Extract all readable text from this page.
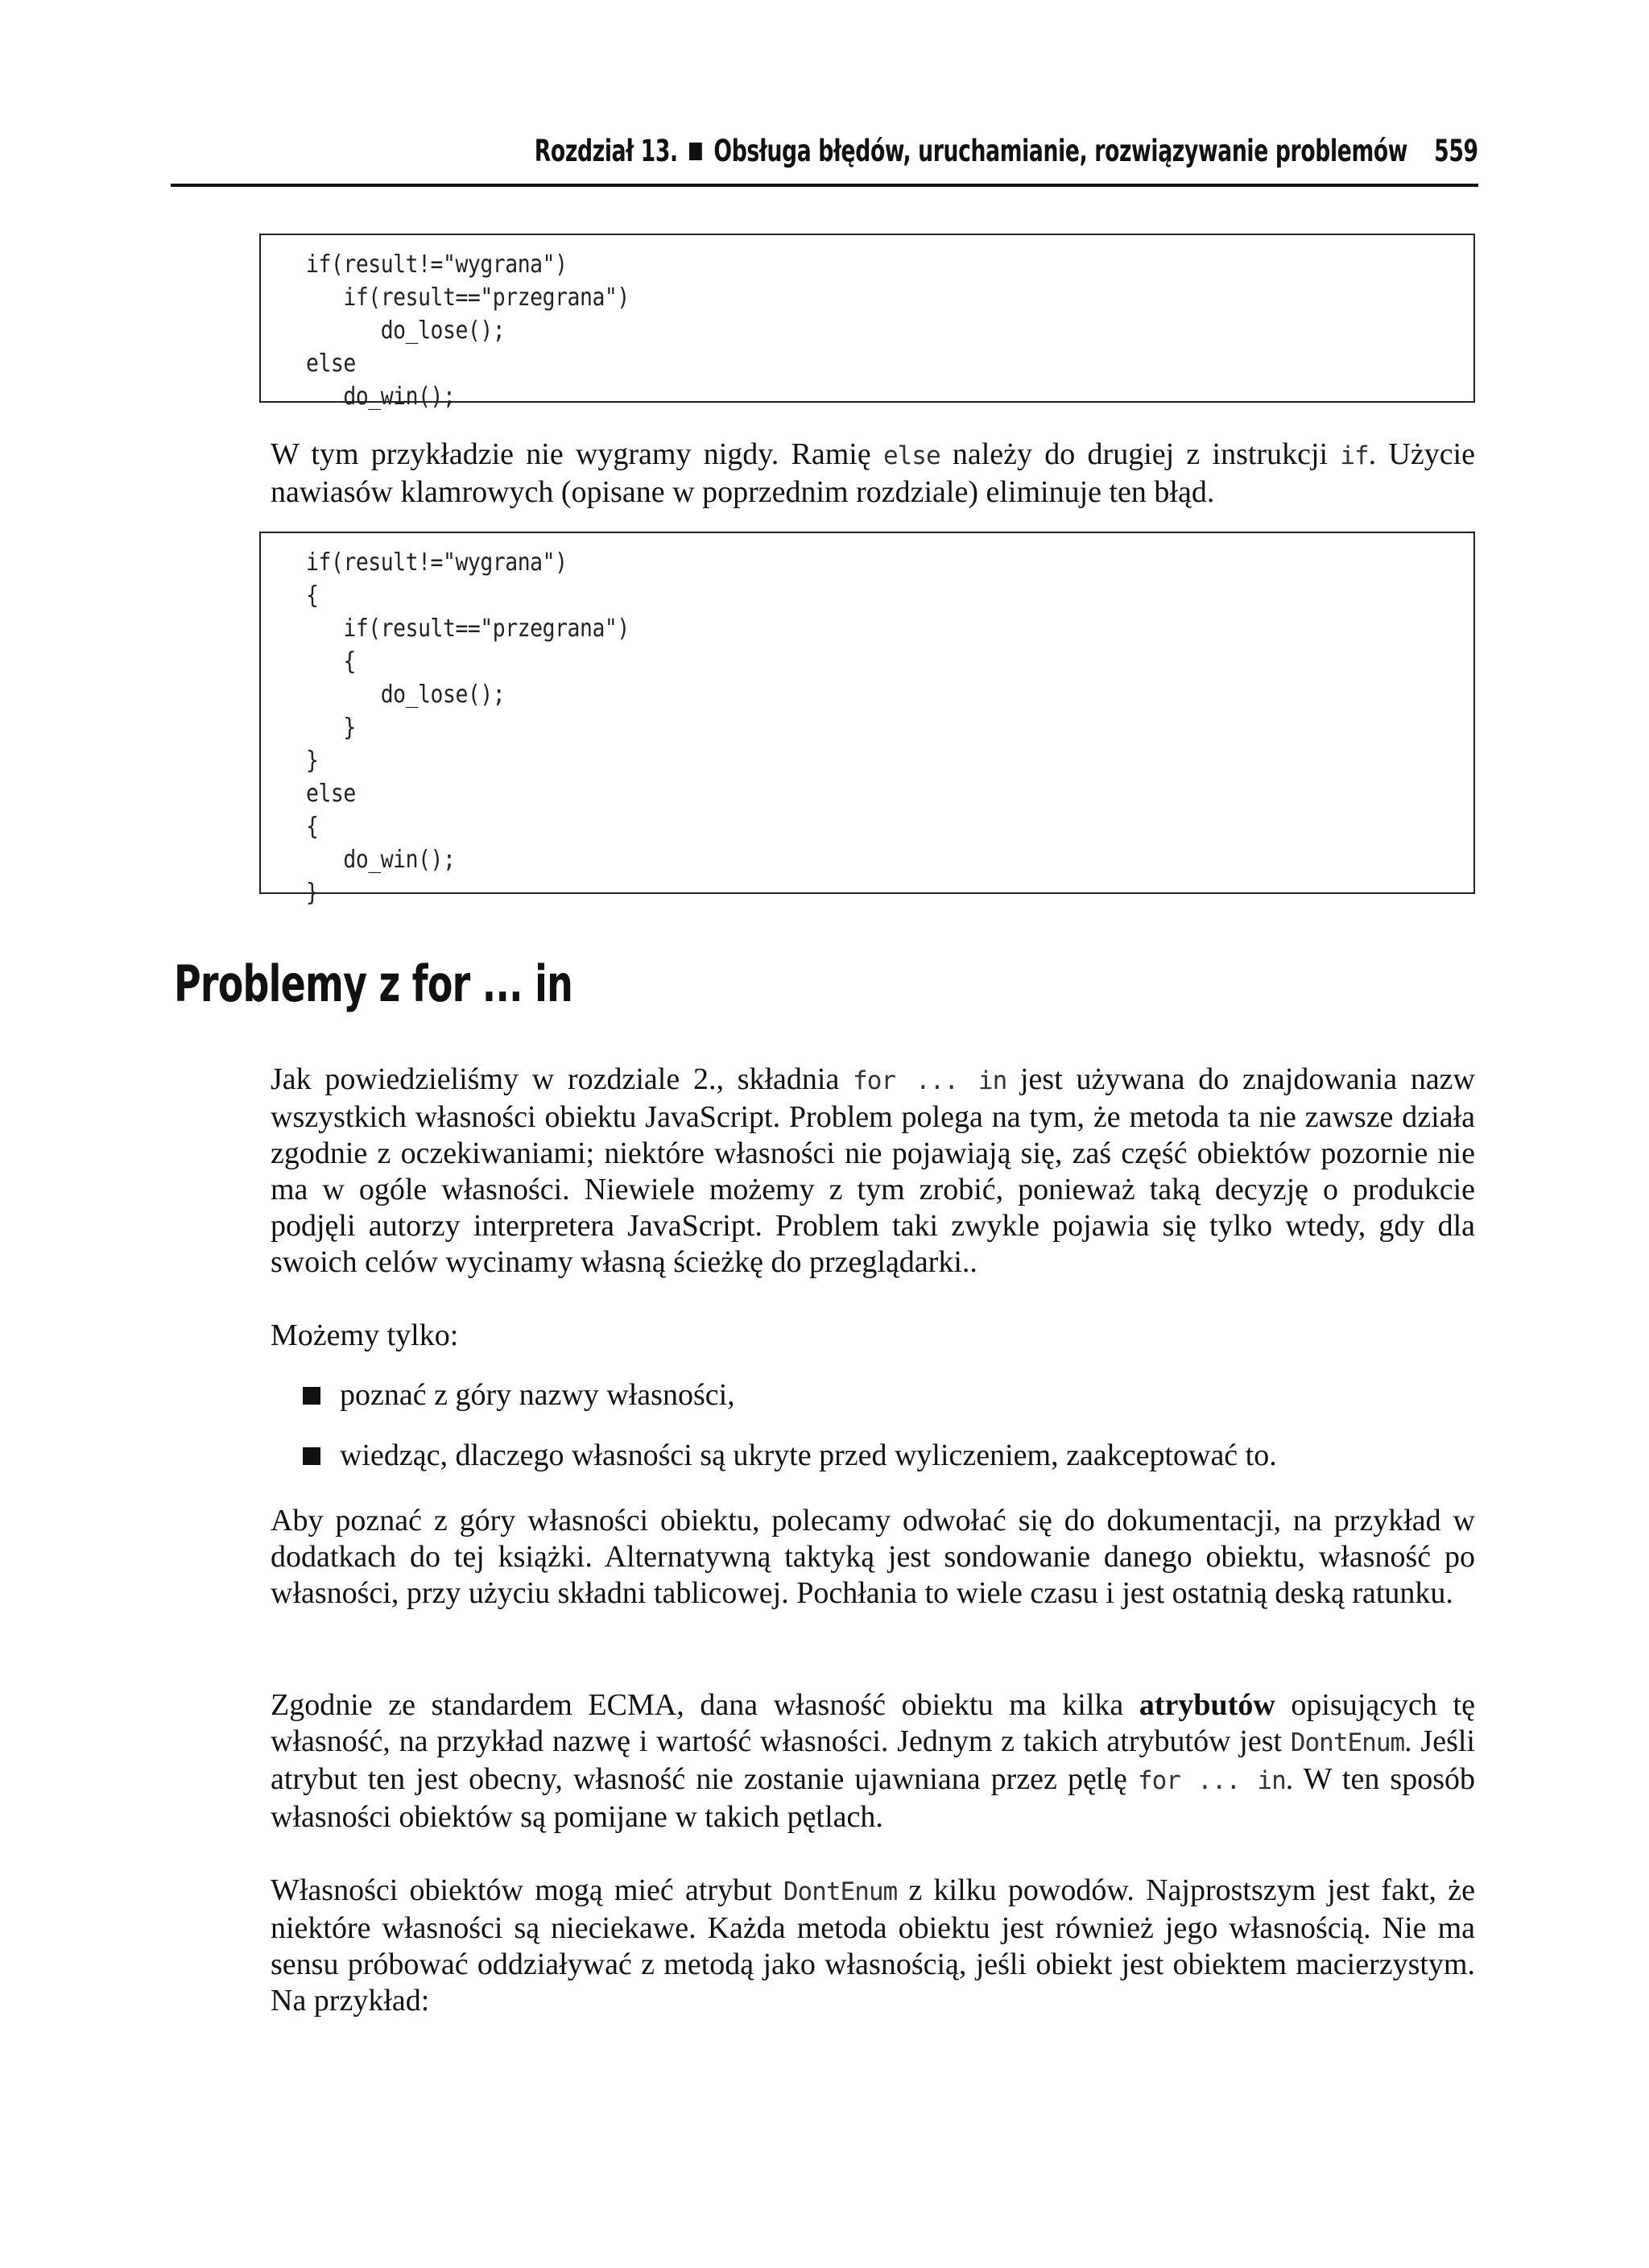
Rozdział 13. Obsługa błędów, uruchamianie, rozwiązywanie problemów 559
if(result!="wygrana")
if(result=="przegrana")
do_lose();
else
do_win();

W tym przykładzie nie wygramy nigdy. Ramię else należy do drugiej z instrukcji if. Użycie nawiasów klamrowych (opisane w poprzednim rozdziale) eliminuje ten błąd.

if(result!="wygrana")
{
if(result=="przegrana")
{
do_lose();
}
}
else
{
do_win();
}
Problemy z for ... in

Jak powiedzieliśmy w rozdziale 2., składnia for ... in jest używana do znajdowania nazw wszystkich własności obiektu JavaScript. Problem polega na tym, że metoda ta nie zawsze działa zgodnie z oczekiwaniami; niektóre własności nie pojawiają się, zaś część obiektów pozornie nie ma w ogóle własności. Niewiele możemy z tym zrobić, ponieważ taką decyzję o produkcie podjęli autorzy interpretera JavaScript. Problem taki zwykle pojawia się tylko wtedy, gdy dla swoich celów wycinamy własną ścieżkę do przeglądarki..

Możemy tylko:

poznać z góry nazwy własności,
wiedząc, dlaczego własności są ukryte przed wyliczeniem, zaakceptować to.

Aby poznać z góry własności obiektu, polecamy odwołać się do dokumentacji, na przykład w dodatkach do tej książki. Alternatywną taktyką jest sondowanie danego obiektu, własność po własności, przy użyciu składni tablicowej. Pochłania to wiele czasu i jest ostatnią deską ratunku.

Zgodnie ze standardem ECMA, dana własność obiektu ma kilka atrybutów opisujących tę własność, na przykład nazwę i wartość własności. Jednym z takich atrybutów jest DontEnum. Jeśli atrybut ten jest obecny, własność nie zostanie ujawniana przez pętlę for ... in. W ten sposób własności obiektów są pomijane w takich pętlach.

Własności obiektów mogą mieć atrybut DontEnum z kilku powodów. Najprostszym jest fakt, że niektóre własności są nieciekawe. Każda metoda obiektu jest również jego własnością. Nie ma sensu próbować oddziaływać z metodą jako własnością, jeśli obiekt jest obiektem macierzystym. Na przykład:
